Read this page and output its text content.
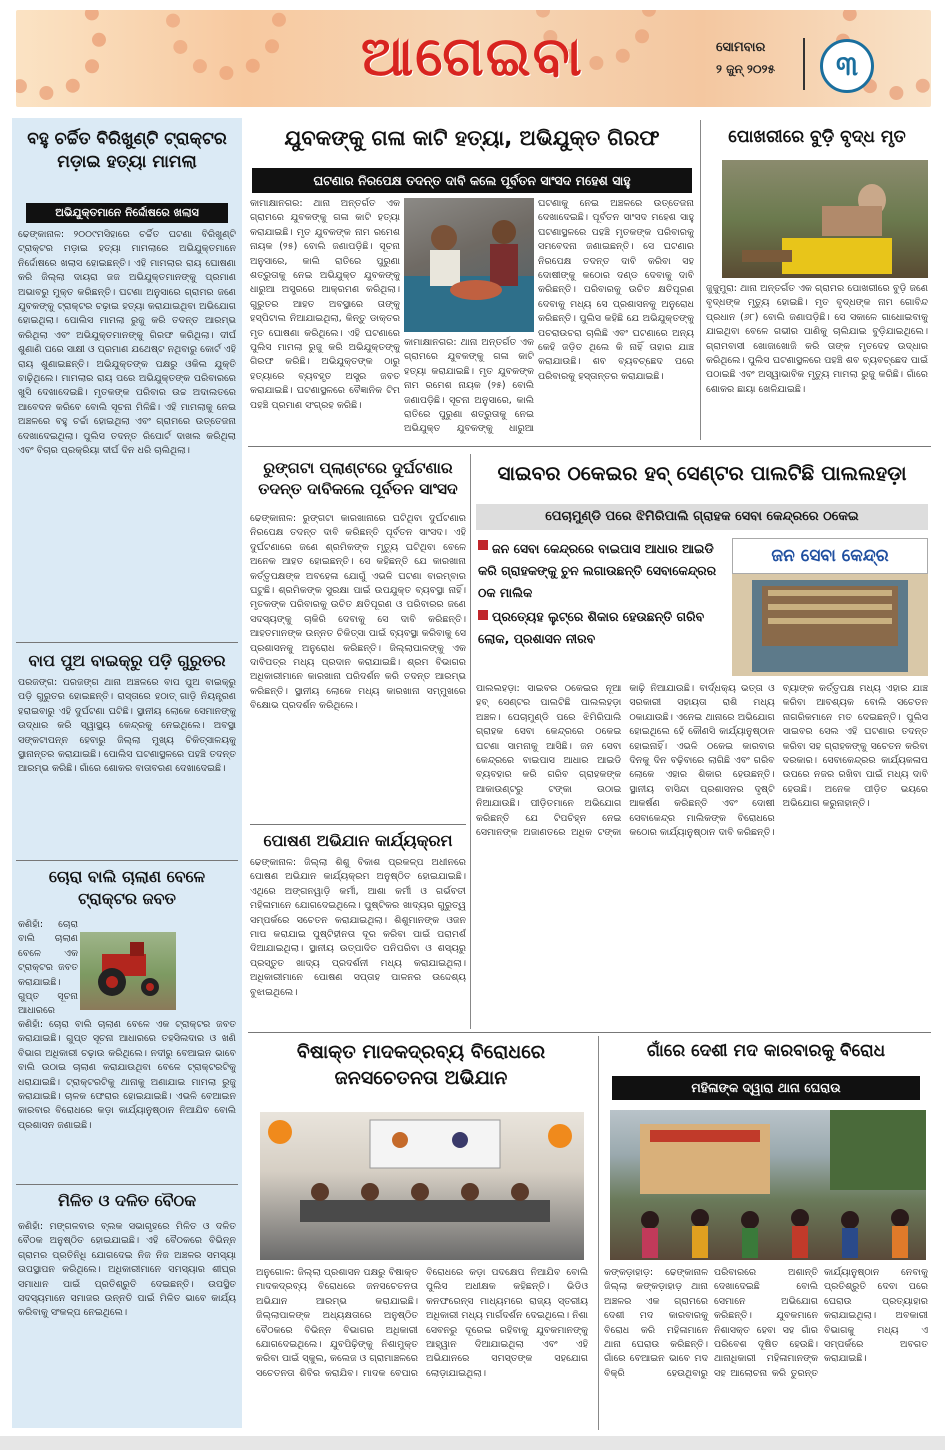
ଆଗେଇବା	ସୋମବାର
୨ ଜୁନ୍ ୨୦୨୫	୩
ବହୁ ଚର୍ଚ୍ଚିତ ବିରିଖୁଣ୍ଟି ଟ୍ରାକ୍ଟର ମଡ଼ାଇ ହତ୍ୟା ମାମଲା
ଅଭିଯୁକ୍ତମାନେ ନିର୍ଦ୍ଦୋଷରେ ଖଲାସ
ଢେଙ୍କାନାଳ: ୨୦୦୯ମସିହାରେ ଚର୍ଚ୍ଚିତ ଘଟଣା ବିରିଖୁଣ୍ଟି ଟ୍ରାକ୍ଟର ମଡ଼ାଇ ହତ୍ୟା ମାମଲାରେ ଅଭିଯୁକ୍ତମାନେ ନିର୍ଦ୍ଦୋଷରେ ଖଲାସ ହୋଇଛନ୍ତି। ଏହି ମାମଲାର ରାୟ ଘୋଷଣା କରି ଜିଲ୍ଲା ଦାୟରା ଜଜ ଅଭିଯୁକ୍ତମାନଙ୍କୁ ପ୍ରମାଣ ଅଭାବରୁ ମୁକ୍ତ କରିଛନ୍ତି। ଘଟଣା ଅନୁସାରେ ଗ୍ରାମର ଜଣେ ଯୁବକଙ୍କୁ ଟ୍ରାକ୍ଟର ଚଢ଼ାଇ ହତ୍ୟା କରାଯାଇଥିବା ଅଭିଯୋଗ ହୋଇଥିଲା। ପୋଲିସ ମାମଲା ରୁଜୁ କରି ତଦନ୍ତ ଆରମ୍ଭ କରିଥିଲା ଏବଂ ଅଭିଯୁକ୍ତମାନଙ୍କୁ ଗିରଫ କରିଥିଲା। ଦୀର୍ଘ ଶୁଣାଣି ପରେ ସାକ୍ଷୀ ଓ ପ୍ରମାଣ ଯଥେଷ୍ଟ ନଥିବାରୁ କୋର୍ଟ ଏହି ରାୟ ଶୁଣାଇଛନ୍ତି। ଅଭିଯୁକ୍ତଙ୍କ ପକ୍ଷରୁ ଓକିଲ ଯୁକ୍ତି ବାଢ଼ିଥିଲେ। ମାମଲାର ରାୟ ପରେ ଅଭିଯୁକ୍ତଙ୍କ ପରିବାରରେ ଖୁସି ଦେଖାଦେଇଛି। ମୃତକଙ୍କ ପରିବାର ଉଚ୍ଚ ଅଦାଲତରେ ଆବେଦନ କରିବେ ବୋଲି ସୂଚନା ମିଳିଛି। ଏହି ମାମଲାକୁ ନେଇ ଅଞ୍ଚଳରେ ବହୁ ଚର୍ଚ୍ଚା ହୋଇଥିଲା ଏବଂ ଗ୍ରାମରେ ଉତ୍ତେଜନା ଦେଖାଦେଇଥିଲା। ପୁଲିସ ତଦନ୍ତ ରିପୋର୍ଟ ଦାଖଲ କରିଥିଲା ଏବଂ ବିଚାର ପ୍ରକ୍ରିୟା ଦୀର୍ଘ ଦିନ ଧରି ଚାଲିଥିଲା।
ବାପ ପୁଅ ବାଇକ୍ରୁ ପଡ଼ି ଗୁରୁତର
ପରଜଙ୍ଗ: ପରଜଙ୍ଗ ଥାନା ଅଞ୍ଚଳରେ ବାପ ପୁଅ ବାଇକ୍ରୁ ପଡ଼ି ଗୁରୁତର ହୋଇଛନ୍ତି। ରାସ୍ତାରେ ହଠାତ୍ ଗାଡ଼ି ନିୟନ୍ତ୍ରଣ ହରାଇବାରୁ ଏହି ଦୁର୍ଘଟଣା ଘଟିଛି। ସ୍ଥାନୀୟ ଲୋକେ ସେମାନଙ୍କୁ ଉଦ୍ଧାର କରି ସ୍ୱାସ୍ଥ୍ୟ କେନ୍ଦ୍ରକୁ ନେଇଥିଲେ। ଅବସ୍ଥା ସଙ୍କଟାପନ୍ନ ହେବାରୁ ଜିଲ୍ଲା ମୁଖ୍ୟ ଚିକିତ୍ସାଳୟକୁ ସ୍ଥାନାନ୍ତର କରାଯାଇଛି। ପୋଲିସ ଘଟଣାସ୍ଥଳରେ ପହଞ୍ଚି ତଦନ୍ତ ଆରମ୍ଭ କରିଛି। ଗାଁରେ ଶୋକର ବାତାବରଣ ଦେଖାଦେଇଛି।
ଚୋରା ବାଲି ଚାଲାଣ ବେଳେ ଟ୍ରାକ୍ଟର ଜବତ
କଣିହାଁ: ଚୋରା ବାଲି ଚାଲାଣ ବେଳେ ଏକ ଟ୍ରାକ୍ଟର ଜବତ କରାଯାଇଛି। ଗୁପ୍ତ ସୂଚନା ଆଧାରରେ
କଣିହାଁ: ଚୋରା ବାଲି ଚାଲାଣ ବେଳେ ଏକ ଟ୍ରାକ୍ଟର ଜବତ କରାଯାଇଛି। ଗୁପ୍ତ ସୂଚନା ଆଧାରରେ ତହସିଲଦାର ଓ ଖଣି ବିଭାଗ ଅଧିକାରୀ ଚଢ଼ାଉ କରିଥିଲେ। ନଦୀରୁ ବେଆଇନ ଭାବେ ବାଲି ଉଠାଇ ଚାଲାଣ କରାଯାଉଥିବା ବେଳେ ଟ୍ରାକ୍ଟରଟିକୁ ଧରାଯାଇଛି। ଟ୍ରାକ୍ଟରଟିକୁ ଥାନାକୁ ଅଣାଯାଇ ମାମଲା ରୁଜୁ କରାଯାଇଛି। ଚାଳକ ଫେରାର ହୋଇଯାଇଛି। ଏଭଳି ବେଆଇନ କାରବାର ବିରୋଧରେ କଡ଼ା କାର୍ଯ୍ୟାନୁଷ୍ଠାନ ନିଆଯିବ ବୋଲି ପ୍ରଶାସନ ଜଣାଇଛି।
ମିଳିତ ଓ ଦଳିତ ବୈଠକ
କଣିହାଁ: ମଙ୍ଗଳବାର ବ୍ଲକ ସଭାଗୃହରେ ମିଳିତ ଓ ଦଳିତ ବୈଠକ ଅନୁଷ୍ଠିତ ହୋଇଯାଇଛି। ଏହି ବୈଠକରେ ବିଭିନ୍ନ ଗ୍ରାମର ପ୍ରତିନିଧି ଯୋଗଦେଇ ନିଜ ନିଜ ଅଞ୍ଚଳର ସମସ୍ୟା ଉପସ୍ଥାପନ କରିଥିଲେ। ଅଧିକାରୀମାନେ ସମସ୍ୟାର ଶୀଘ୍ର ସମାଧାନ ପାଇଁ ପ୍ରତିଶ୍ରୁତି ଦେଇଛନ୍ତି। ଉପସ୍ଥିତ ସଦସ୍ୟମାନେ ସମାଜର ଉନ୍ନତି ପାଇଁ ମିଳିତ ଭାବେ କାର୍ଯ୍ୟ କରିବାକୁ ସଂକଳ୍ପ ନେଇଥିଲେ।
ଯୁବକଙ୍କୁ ଗଳା କାଟି ହତ୍ୟା, ଅଭିଯୁକ୍ତ ଗିରଫ
ଘଟଣାର ନିରପେକ୍ଷ ତଦନ୍ତ ଦାବି କଲେ ପୂର୍ବତନ ସାଂସଦ ମହେଶ ସାହୁ
କାମାକ୍ଷାନଗର: ଥାନା ଅନ୍ତର୍ଗତ ଏକ ଗ୍ରାମରେ ଯୁବକଙ୍କୁ ଗଳା କାଟି ହତ୍ୟା କରାଯାଇଛି। ମୃତ ଯୁବକଙ୍କ ନାମ ରମେଶ ନାୟକ (୨୫) ବୋଲି ଜଣାପଡ଼ିଛି। ସୂଚନା ଅନୁସାରେ, କାଲି ରାତିରେ ପୁରୁଣା ଶତ୍ରୁତାକୁ ନେଇ ଅଭିଯୁକ୍ତ ଯୁବକଙ୍କୁ ଧାରୁଆ ଅସ୍ତ୍ରରେ ଆକ୍ରମଣ କରିଥିଲା। ଗୁରୁତର ଆହତ ଅବସ୍ଥାରେ ତାଙ୍କୁ ହସ୍ପିଟାଲ ନିଆଯାଇଥିଲା, କିନ୍ତୁ ଡାକ୍ତର ମୃତ ଘୋଷଣା କରିଥିଲେ। ଏହି ଘଟଣାରେ ପୁଲିସ ମାମଲା ରୁଜୁ କରି ଅଭିଯୁକ୍ତଙ୍କୁ ଗିରଫ କରିଛି। ଅଭିଯୁକ୍ତଙ୍କ ଠାରୁ ହତ୍ୟାରେ ବ୍ୟବହୃତ ଅସ୍ତ୍ର ଜବତ କରାଯାଇଛି। ଘଟଣାସ୍ଥଳରେ ବୈଜ୍ଞାନିକ ଟିମ ପହଞ୍ଚି ପ୍ରମାଣ ସଂଗ୍ରହ କରିଛି।
କାମାକ୍ଷାନଗର: ଥାନା ଅନ୍ତର୍ଗତ ଏକ ଗ୍ରାମରେ ଯୁବକଙ୍କୁ ଗଳା କାଟି ହତ୍ୟା କରାଯାଇଛି। ମୃତ ଯୁବକଙ୍କ ନାମ ରମେଶ ନାୟକ (୨୫) ବୋଲି ଜଣାପଡ଼ିଛି। ସୂଚନା ଅନୁସାରେ, କାଲି ରାତିରେ ପୁରୁଣା ଶତ୍ରୁତାକୁ ନେଇ ଅଭିଯୁକ୍ତ ଯୁବକଙ୍କୁ ଧାରୁଆ
ଘଟଣାକୁ ନେଇ ଅଞ୍ଚଳରେ ଉତ୍ତେଜନା ଦେଖାଦେଇଛି। ପୂର୍ବତନ ସାଂସଦ ମହେଶ ସାହୁ ଘଟଣାସ୍ଥଳରେ ପହଞ୍ଚି ମୃତକଙ୍କ ପରିବାରକୁ ସମବେଦନା ଜଣାଇଛନ୍ତି। ସେ ଘଟଣାର ନିରପେକ୍ଷ ତଦନ୍ତ ଦାବି କରିବା ସହ ଦୋଷୀଙ୍କୁ କଠୋର ଦଣ୍ଡ ଦେବାକୁ ଦାବି କରିଛନ୍ତି। ପରିବାରକୁ ଉଚିତ କ୍ଷତିପୂରଣ ଦେବାକୁ ମଧ୍ୟ ସେ ପ୍ରଶାସନକୁ ଅନୁରୋଧ କରିଛନ୍ତି। ପୁଲିସ କହିଛି ଯେ ଅଭିଯୁକ୍ତଙ୍କୁ ପଚରାଉଚରା ଚାଲିଛି ଏବଂ ଘଟଣାରେ ଅନ୍ୟ କେହି ଜଡ଼ିତ ଥିଲେ କି ନାହିଁ ତାହାର ଯାଞ୍ଚ କରାଯାଉଛି। ଶବ ବ୍ୟବଚ୍ଛେଦ ପରେ ପରିବାରକୁ ହସ୍ତାନ୍ତର କରାଯାଇଛି।
ପୋଖରୀରେ ବୁଡ଼ି ବୃଦ୍ଧ ମୃତ
ଜୁଜୁମୁରା: ଥାନା ଅନ୍ତର୍ଗତ ଏକ ଗ୍ରାମର ପୋଖରୀରେ ବୁଡ଼ି ଜଣେ ବୃଦ୍ଧଙ୍କ ମୃତ୍ୟୁ ହୋଇଛି। ମୃତ ବୃଦ୍ଧଙ୍କ ନାମ ଗୋବିନ୍ଦ ପ୍ରଧାନ (୬୮) ବୋଲି ଜଣାପଡ଼ିଛି। ସେ ସକାଳେ ଗାଧୋଇବାକୁ ଯାଇଥିବା ବେଳେ ଗଭୀର ପାଣିକୁ ଚାଲିଯାଇ ବୁଡ଼ିଯାଇଥିଲେ। ଗ୍ରାମବାସୀ ଖୋଜାଖୋଜି କରି ତାଙ୍କ ମୃତଦେହ ଉଦ୍ଧାର କରିଥିଲେ। ପୁଲିସ ଘଟଣାସ୍ଥଳରେ ପହଞ୍ଚି ଶବ ବ୍ୟବଚ୍ଛେଦ ପାଇଁ ପଠାଇଛି ଏବଂ ଅସ୍ୱାଭାବିକ ମୃତ୍ୟୁ ମାମଲା ରୁଜୁ କରିଛି। ଗାଁରେ ଶୋକର ଛାୟା ଖେଳିଯାଇଛି।
ରୁଙ୍ଗଟା ପ୍ଲାଣ୍ଟରେ ଦୁର୍ଘଟଣାର ତଦନ୍ତ ଦାବିକଲେ ପୂର୍ବତନ ସାଂସଦ
ଢେଙ୍କାନାଳ: ରୁଙ୍ଗଟା କାରଖାନାରେ ଘଟିଥିବା ଦୁର୍ଘଟଣାର ନିରପେକ୍ଷ ତଦନ୍ତ ଦାବି କରିଛନ୍ତି ପୂର୍ବତନ ସାଂସଦ। ଏହି ଦୁର୍ଘଟଣାରେ ଜଣେ ଶ୍ରମିକଙ୍କ ମୃତ୍ୟୁ ଘଟିଥିବା ବେଳେ ଅନେକ ଆହତ ହୋଇଛନ୍ତି। ସେ କହିଛନ୍ତି ଯେ କାରଖାନା କର୍ତ୍ତୃପକ୍ଷଙ୍କ ଅବହେଳା ଯୋଗୁଁ ଏଭଳି ଘଟଣା ବାରମ୍ବାର ଘଟୁଛି। ଶ୍ରମିକଙ୍କ ସୁରକ୍ଷା ପାଇଁ ଉପଯୁକ୍ତ ବ୍ୟବସ୍ଥା ନାହିଁ। ମୃତକଙ୍କ ପରିବାରକୁ ଉଚିତ କ୍ଷତିପୂରଣ ଓ ପରିବାରର ଜଣେ ସଦସ୍ୟଙ୍କୁ ଚାକିରି ଦେବାକୁ ସେ ଦାବି କରିଛନ୍ତି। ଆହତମାନଙ୍କ ଉନ୍ନତ ଚିକିତ୍ସା ପାଇଁ ବ୍ୟବସ୍ଥା କରିବାକୁ ସେ ପ୍ରଶାସନକୁ ଅନୁରୋଧ କରିଛନ୍ତି। ଜିଲ୍ଲାପାଳଙ୍କୁ ଏକ ଦାବିପତ୍ର ମଧ୍ୟ ପ୍ରଦାନ କରାଯାଇଛି। ଶ୍ରମ ବିଭାଗର ଅଧିକାରୀମାନେ କାରଖାନା ପରିଦର୍ଶନ କରି ତଦନ୍ତ ଆରମ୍ଭ କରିଛନ୍ତି। ସ୍ଥାନୀୟ ଲୋକେ ମଧ୍ୟ କାରଖାନା ସମ୍ମୁଖରେ ବିକ୍ଷୋଭ ପ୍ରଦର୍ଶନ କରିଥିଲେ।
ପୋଷଣ ଅଭିଯାନ କାର୍ଯ୍ୟକ୍ରମ
ଢେଙ୍କାନାଳ: ଜିଲ୍ଲା ଶିଶୁ ବିକାଶ ପ୍ରକଳ୍ପ ଅଧୀନରେ ପୋଷଣ ଅଭିଯାନ କାର୍ଯ୍ୟକ୍ରମ ଅନୁଷ୍ଠିତ ହୋଇଯାଇଛି। ଏଥିରେ ଅଙ୍ଗନୱାଡ଼ି କର୍ମୀ, ଆଶା କର୍ମୀ ଓ ଗର୍ଭବତୀ ମହିଳାମାନେ ଯୋଗଦେଇଥିଲେ। ପୁଷ୍ଟିକର ଖାଦ୍ୟର ଗୁରୁତ୍ୱ ସମ୍ପର୍କରେ ସଚେତନ କରାଯାଇଥିଲା। ଶିଶୁମାନଙ୍କ ଓଜନ ମାପ କରାଯାଇ ପୁଷ୍ଟିହୀନତା ଦୂର କରିବା ପାଇଁ ପରାମର୍ଶ ଦିଆଯାଇଥିଲା। ସ୍ଥାନୀୟ ଉତ୍ପାଦିତ ପନିପରିବା ଓ ଶସ୍ୟରୁ ପ୍ରସ୍ତୁତ ଖାଦ୍ୟ ପ୍ରଦର୍ଶନୀ ମଧ୍ୟ କରାଯାଇଥିଲା। ଅଧିକାରୀମାନେ ପୋଷଣ ସପ୍ତାହ ପାଳନର ଉଦ୍ଦେଶ୍ୟ ବୁଝାଇଥିଲେ।
ସାଇବର ଠକେଇର ହବ୍ ସେଣ୍ଟର ପାଲଟିଛି ପାଲଲହଡ଼ା
ପେଚାମୁଣ୍ଡି ପରେ ଝିମିରିପାଲି ଗ୍ରାହକ ସେବା କେନ୍ଦ୍ରରେ ଠକେଇ
ଜନ ସେବା କେନ୍ଦ୍ରରେ ବାଇପାସ ଆଧାର ଆଇଡି କରି ଗ୍ରାହକଙ୍କୁ ଚୁନ ଲଗାଉଛନ୍ତି ସେବାକେନ୍ଦ୍ରର ଠକ ମାଲିକ
ପ୍ରତ୍ୟେହ ଲୁଟ୍ରେ ଶିକାର ହେଉଛନ୍ତି ଗରିବ ଲୋକ, ପ୍ରଶାସନ ନୀରବ
ଜନ ସେବା କେନ୍ଦ୍ର
ପାଲଲହଡ଼ା: ସାଇବର ଠକେଇର ନୂଆ ହବ୍ ସେଣ୍ଟର ପାଲଟିଛି ପାଲଲହଡ଼ା ଅଞ୍ଚଳ। ପେଚାମୁଣ୍ଡି ପରେ ଝିମିରିପାଲି ଗ୍ରାହକ ସେବା କେନ୍ଦ୍ରରେ ଠକେଇ ଘଟଣା ସାମନାକୁ ଆସିଛି। ଜନ ସେବା କେନ୍ଦ୍ରରେ ବାଇପାସ ଆଧାର ଆଇଡି ବ୍ୟବହାର କରି ଗରିବ ଗ୍ରାହକଙ୍କ ଆକାଉଣ୍ଟରୁ ଟଙ୍କା ଉଠାଇ ନିଆଯାଉଛି। ପୀଡ଼ିତମାନେ ଅଭିଯୋଗ କରିଛନ୍ତି ଯେ ଟିପଚିହ୍ନ ନେଇ ସେମାନଙ୍କ ଅଜାଣତରେ ଅଧିକ ଟଙ୍କା କାଢ଼ି ନିଆଯାଉଛି। ବାର୍ଦ୍ଧକ୍ୟ ଭତ୍ତା ଓ ସରକାରୀ ସହାୟତା ରାଶି ମଧ୍ୟ ଠକାଯାଉଛି। ଏନେଇ ଥାନାରେ ଅଭିଯୋଗ ହୋଇଥିଲେ ହେଁ କୌଣସି କାର୍ଯ୍ୟାନୁଷ୍ଠାନ ହୋଇନାହିଁ। ଏଭଳି ଠକେଇ କାରବାର ଦିନକୁ ଦିନ ବଢ଼ିବାରେ ଲାଗିଛି ଏବଂ ଗରିବ ଲୋକେ ଏହାର ଶିକାର ହେଉଛନ୍ତି। ସ୍ଥାନୀୟ ବାସିନ୍ଦା ପ୍ରଶାସନର ଦୃଷ୍ଟି ଆକର୍ଷଣ କରିଛନ୍ତି ଏବଂ ଦୋଷୀ ସେବାକେନ୍ଦ୍ର ମାଲିକଙ୍କ ବିରୋଧରେ କଠୋର କାର୍ଯ୍ୟାନୁଷ୍ଠାନ ଦାବି କରିଛନ୍ତି। ବ୍ୟାଙ୍କ କର୍ତ୍ତୃପକ୍ଷ ମଧ୍ୟ ଏହାର ଯାଞ୍ଚ କରିବା ଆବଶ୍ୟକ ବୋଲି ସଚେତନ ନାଗରିକମାନେ ମତ ଦେଇଛନ୍ତି। ପୁଲିସ ସାଇବର ସେଲ ଏହି ଘଟଣାର ତଦନ୍ତ କରିବା ସହ ଗ୍ରାହକଙ୍କୁ ସଚେତନ କରିବା ଦରକାର। ସେବାକେନ୍ଦ୍ରର କାର୍ଯ୍ୟକଳାପ ଉପରେ ନଜର ରଖିବା ପାଇଁ ମଧ୍ୟ ଦାବି ହେଉଛି। ଅନେକ ପୀଡ଼ିତ ଭୟରେ ଅଭିଯୋଗ କରୁନାହାନ୍ତି।
ବିଷାକ୍ତ ମାଦକଦ୍ରବ୍ୟ ବିରୋଧରେ ଜନସଚେତନତା ଅଭିଯାନ
ଅନୁଗୋଳ: ଜିଲ୍ଲା ପ୍ରଶାସନ ପକ୍ଷରୁ ବିଷାକ୍ତ ମାଦକଦ୍ରବ୍ୟ ବିରୋଧରେ ଜନସଚେତନତା ଅଭିଯାନ ଆରମ୍ଭ କରାଯାଇଛି। ଜିଲ୍ଲାପାଳଙ୍କ ଅଧ୍ୟକ୍ଷତାରେ ଅନୁଷ୍ଠିତ ବୈଠକରେ ବିଭିନ୍ନ ବିଭାଗର ଅଧିକାରୀ ଯୋଗଦେଇଥିଲେ। ଯୁବପିଢ଼ିଙ୍କୁ ନିଶାମୁକ୍ତ କରିବା ପାଇଁ ସ୍କୁଲ, କଲେଜ ଓ ଗ୍ରାମାଞ୍ଚଳରେ ସଚେତନତା ଶିବିର କରାଯିବ। ମାଦକ ବେପାର ବିରୋଧରେ କଡ଼ା ପଦକ୍ଷେପ ନିଆଯିବ ବୋଲି ପୁଲିସ ଅଧୀକ୍ଷକ କହିଛନ୍ତି। ଭିଡିଓ କନଫରେନ୍ସ ମାଧ୍ୟମରେ ରାଜ୍ୟ ସ୍ତରୀୟ ଅଧିକାରୀ ମଧ୍ୟ ମାର୍ଗଦର୍ଶନ ଦେଇଥିଲେ। ନିଶା ସେବନରୁ ଦୂରେଇ ରହିବାକୁ ଯୁବକମାନଙ୍କୁ ଆହ୍ୱାନ ଦିଆଯାଇଥିଲା ଏବଂ ଏହି ଅଭିଯାନରେ ସମସ୍ତଙ୍କ ସହଯୋଗ ଲୋଡ଼ାଯାଇଥିଲା।
ଗାଁରେ ଦେଶୀ ମଦ କାରବାରକୁ ବିରୋଧ
ମହିଳାଙ୍କ ଦ୍ୱାରା ଥାନା ଘେରାଉ
କଙ୍କଡ଼ାହାଡ଼: ଢେଙ୍କାନାଳ ଜିଲ୍ଲା କଙ୍କଡ଼ାହାଡ଼ ଥାନା ଅଞ୍ଚଳର ଏକ ଗ୍ରାମରେ ଦେଶୀ ମଦ କାରବାରକୁ ବିରୋଧ କରି ମହିଳାମାନେ ଥାନା ଘେରାଉ କରିଛନ୍ତି। ଗାଁରେ ବେଆଇନ ଭାବେ ମଦ ବିକ୍ରି ହେଉଥିବାରୁ ପରିବାରରେ ଅଶାନ୍ତି ଦେଖାଦେଇଛି ବୋଲି ସେମାନେ ଅଭିଯୋଗ କରିଛନ୍ତି। ଯୁବକମାନେ ନିଶାସକ୍ତ ହେବା ସହ ଗାଁର ପରିବେଶ ଦୂଷିତ ହେଉଛି। ଥାନାଧିକାରୀ ମହିଳାମାନଙ୍କ ସହ ଆଲୋଚନା କରି ତୁରନ୍ତ କାର୍ଯ୍ୟାନୁଷ୍ଠାନ ନେବାକୁ ପ୍ରତିଶ୍ରୁତି ଦେବା ପରେ ଘେରାଉ ପ୍ରତ୍ୟାହାର କରାଯାଇଥିଲା। ଅବକାରୀ ବିଭାଗକୁ ମଧ୍ୟ ଏ ସମ୍ପର୍କରେ ଅବଗତ କରାଯାଇଛି।
